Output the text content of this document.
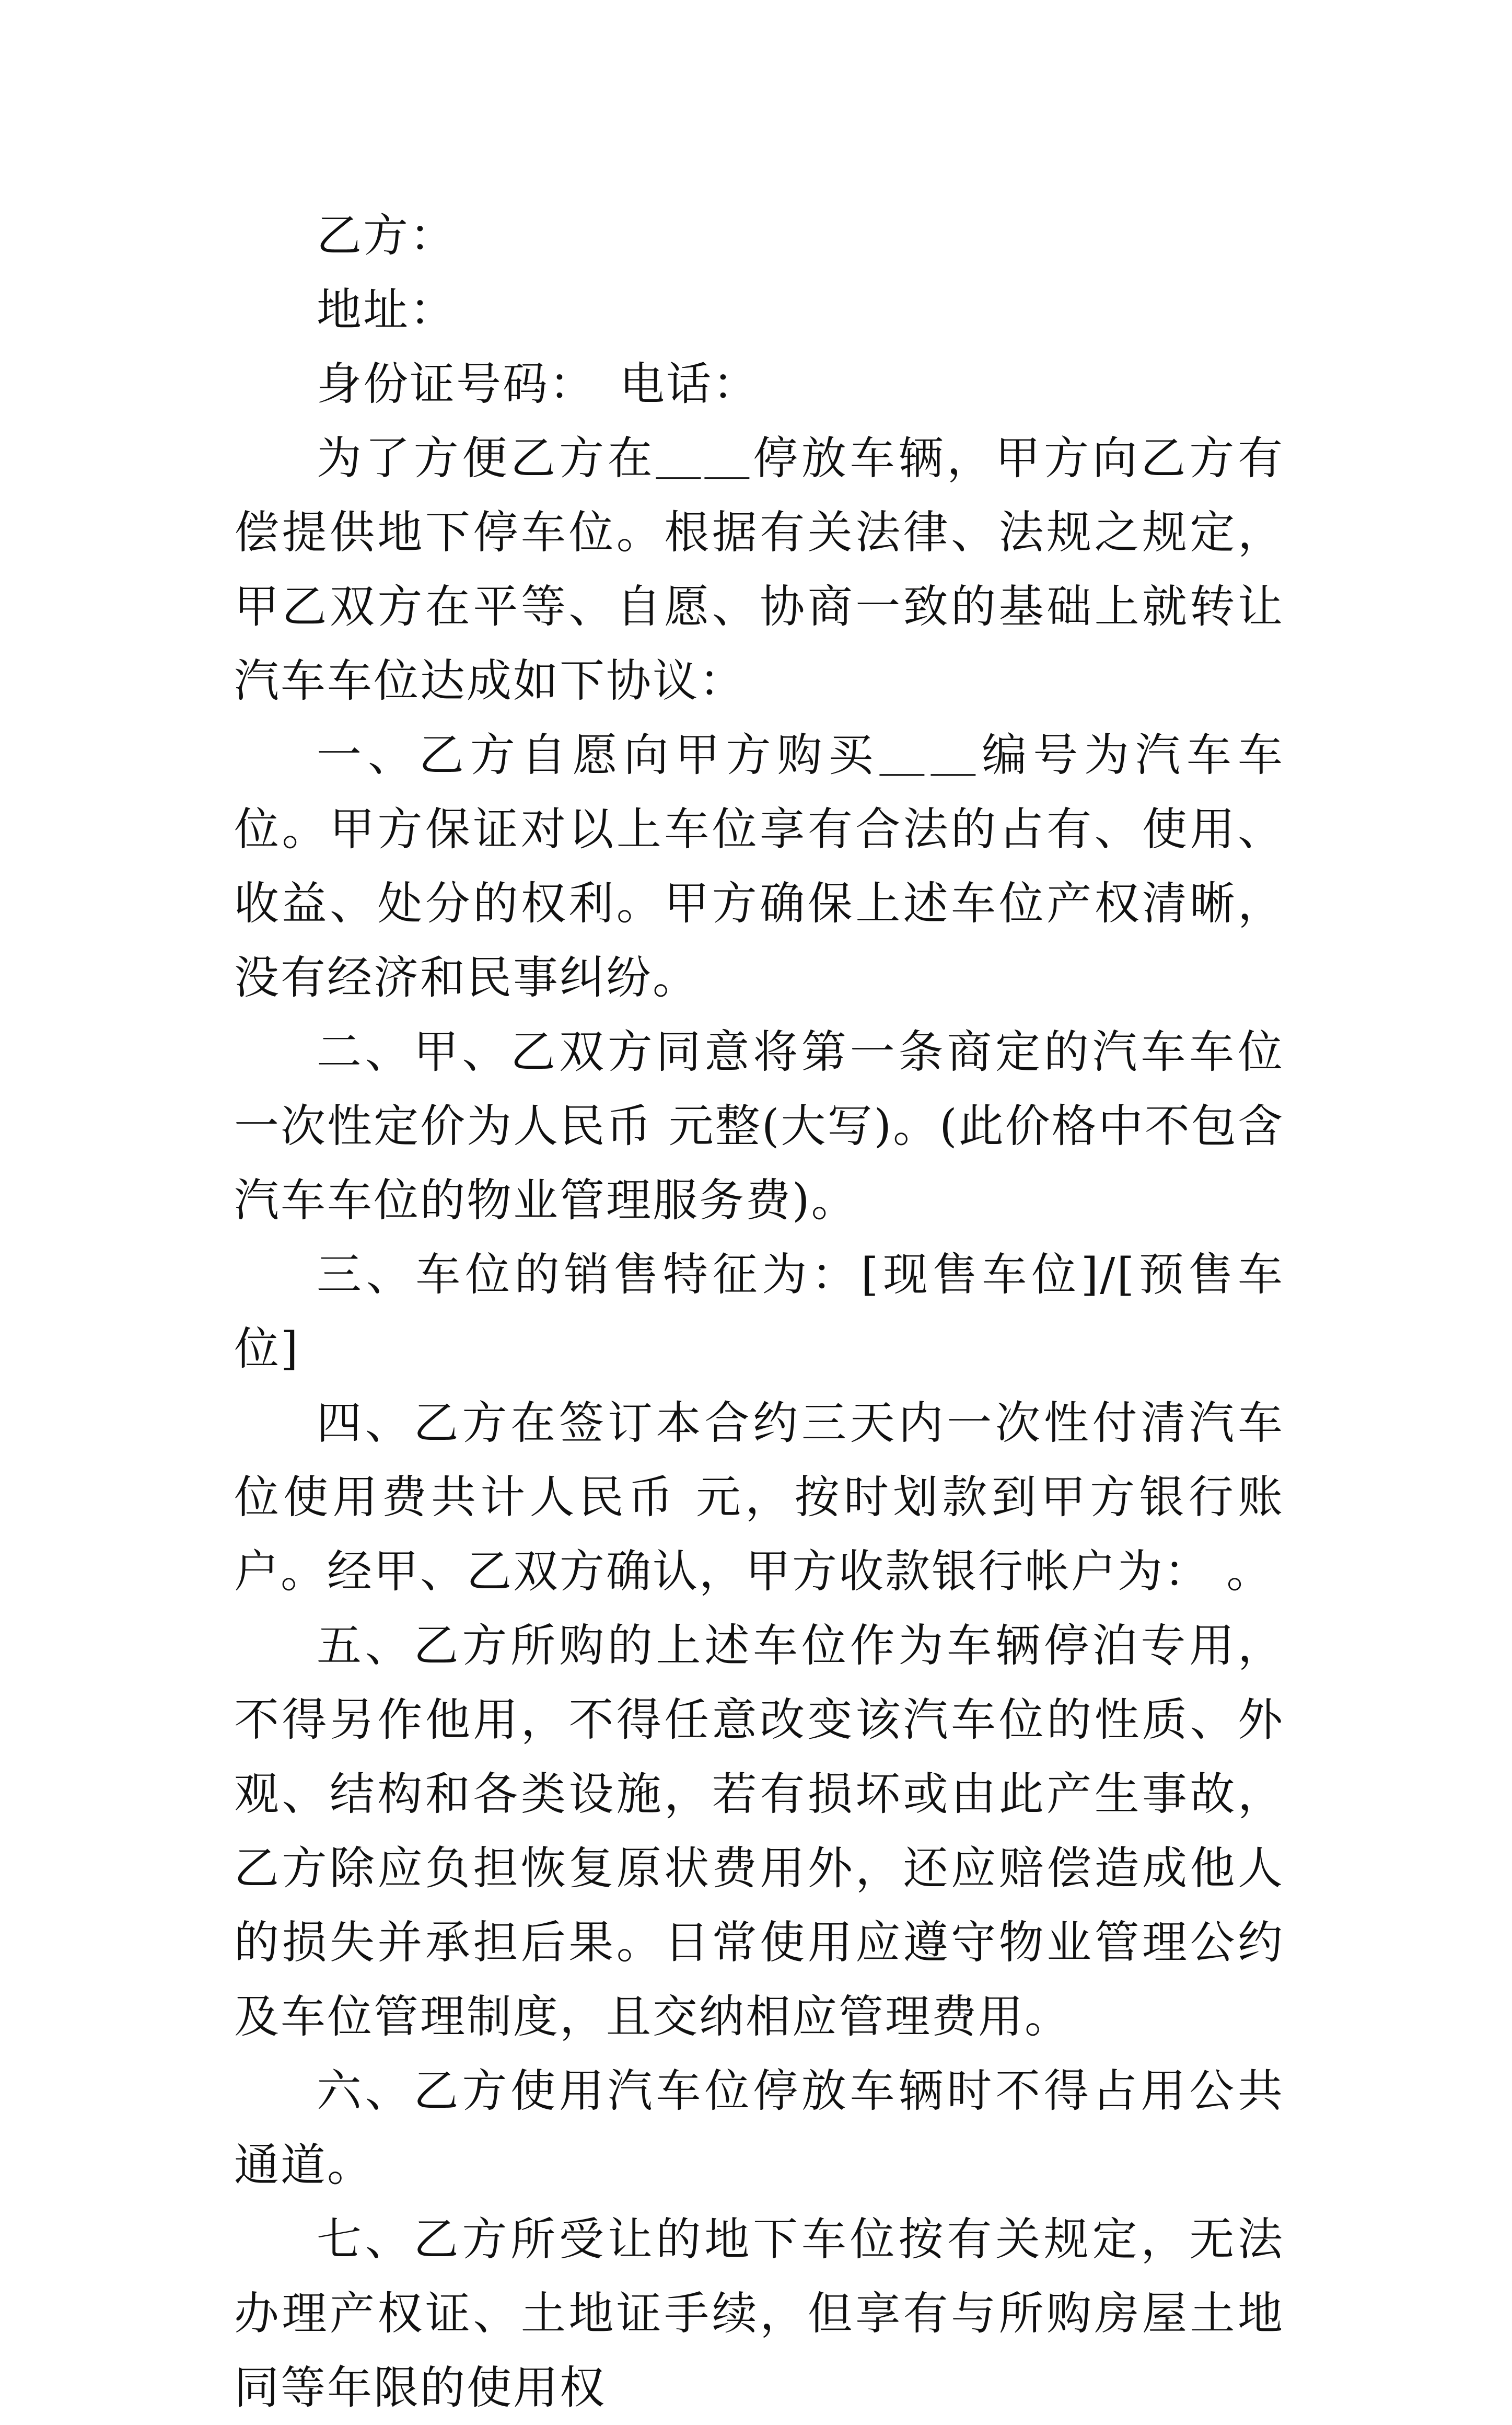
乙方：

地址：

身份证号码：　电话：

为了方便乙方在＿＿停放车辆，甲方向乙方有偿提供地下停车位。根据有关法律、法规之规定，甲乙双方在平等、自愿、协商一致的基础上就转让汽车车位达成如下协议：

一、乙方自愿向甲方购买＿＿编号为汽车车位。甲方保证对以上车位享有合法的占有、使用、收益、处分的权利。甲方确保上述车位产权清晰，没有经济和民事纠纷。

二、甲、乙双方同意将第一条商定的汽车车位一次性定价为人民币 元整(大写)。(此价格中不包含汽车车位的物业管理服务费)。

三、车位的销售特征为：[现售车位]/[预售车位]

四、乙方在签订本合约三天内一次性付清汽车位使用费共计人民币 元，按时划款到甲方银行账户。经甲、乙双方确认，甲方收款银行帐户为： 。

五、乙方所购的上述车位作为车辆停泊专用，不得另作他用，不得任意改变该汽车位的性质、外观、结构和各类设施，若有损坏或由此产生事故，乙方除应负担恢复原状费用外，还应赔偿造成他人的损失并承担后果。日常使用应遵守物业管理公约及车位管理制度，且交纳相应管理费用。

六、乙方使用汽车位停放车辆时不得占用公共通道。

七、乙方所受让的地下车位按有关规定，无法办理产权证、土地证手续，但享有与所购房屋土地同等年限的使用权
